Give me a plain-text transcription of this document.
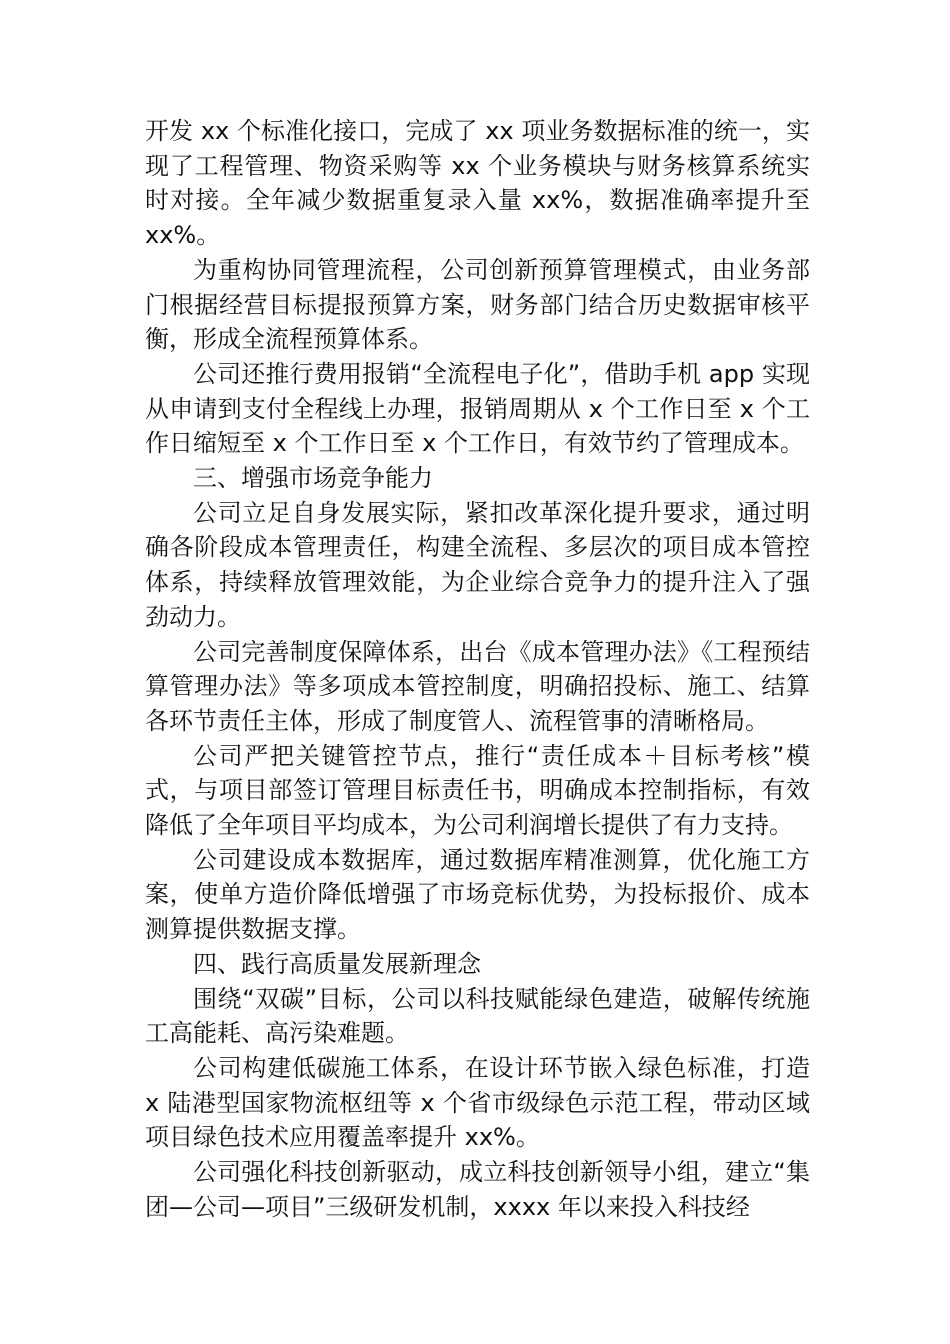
开发 xx 个标准化接口，完成了 xx 项业务数据标准的统一，实现了工程管理、物资采购等 xx 个业务模块与财务核算系统实时对接。全年减少数据重复录入量 xx%，数据准确率提升至 xx%。

为重构协同管理流程，公司创新预算管理模式，由业务部门根据经营目标提报预算方案，财务部门结合历史数据审核平衡，形成全流程预算体系。

公司还推行费用报销“全流程电子化”，借助手机 app 实现从申请到支付全程线上办理，报销周期从 x 个工作日至 x 个工作日缩短至 x 个工作日至 x 个工作日，有效节约了管理成本。

三、增强市场竞争能力

公司立足自身发展实际，紧扣改革深化提升要求，通过明确各阶段成本管理责任，构建全流程、多层次的项目成本管控体系，持续释放管理效能，为企业综合竞争力的提升注入了强劲动力。

公司完善制度保障体系，出台《成本管理办法》《工程预结算管理办法》等多项成本管控制度，明确招投标、施工、结算各环节责任主体，形成了制度管人、流程管事的清晰格局。

公司严把关键管控节点，推行“责任成本＋目标考核”模式，与项目部签订管理目标责任书，明确成本控制指标，有效降低了全年项目平均成本，为公司利润增长提供了有力支持。

公司建设成本数据库，通过数据库精准测算，优化施工方案，使单方造价降低增强了市场竞标优势，为投标报价、成本测算提供数据支撑。

四、践行高质量发展新理念

围绕“双碳”目标，公司以科技赋能绿色建造，破解传统施工高能耗、高污染难题。

公司构建低碳施工体系，在设计环节嵌入绿色标准，打造 x 陆港型国家物流枢纽等 x 个省市级绿色示范工程，带动区域项目绿色技术应用覆盖率提升 xx%。

公司强化科技创新驱动，成立科技创新领导小组，建立“集团—公司—项目”三级研发机制，xxxx 年以来投入科技经
